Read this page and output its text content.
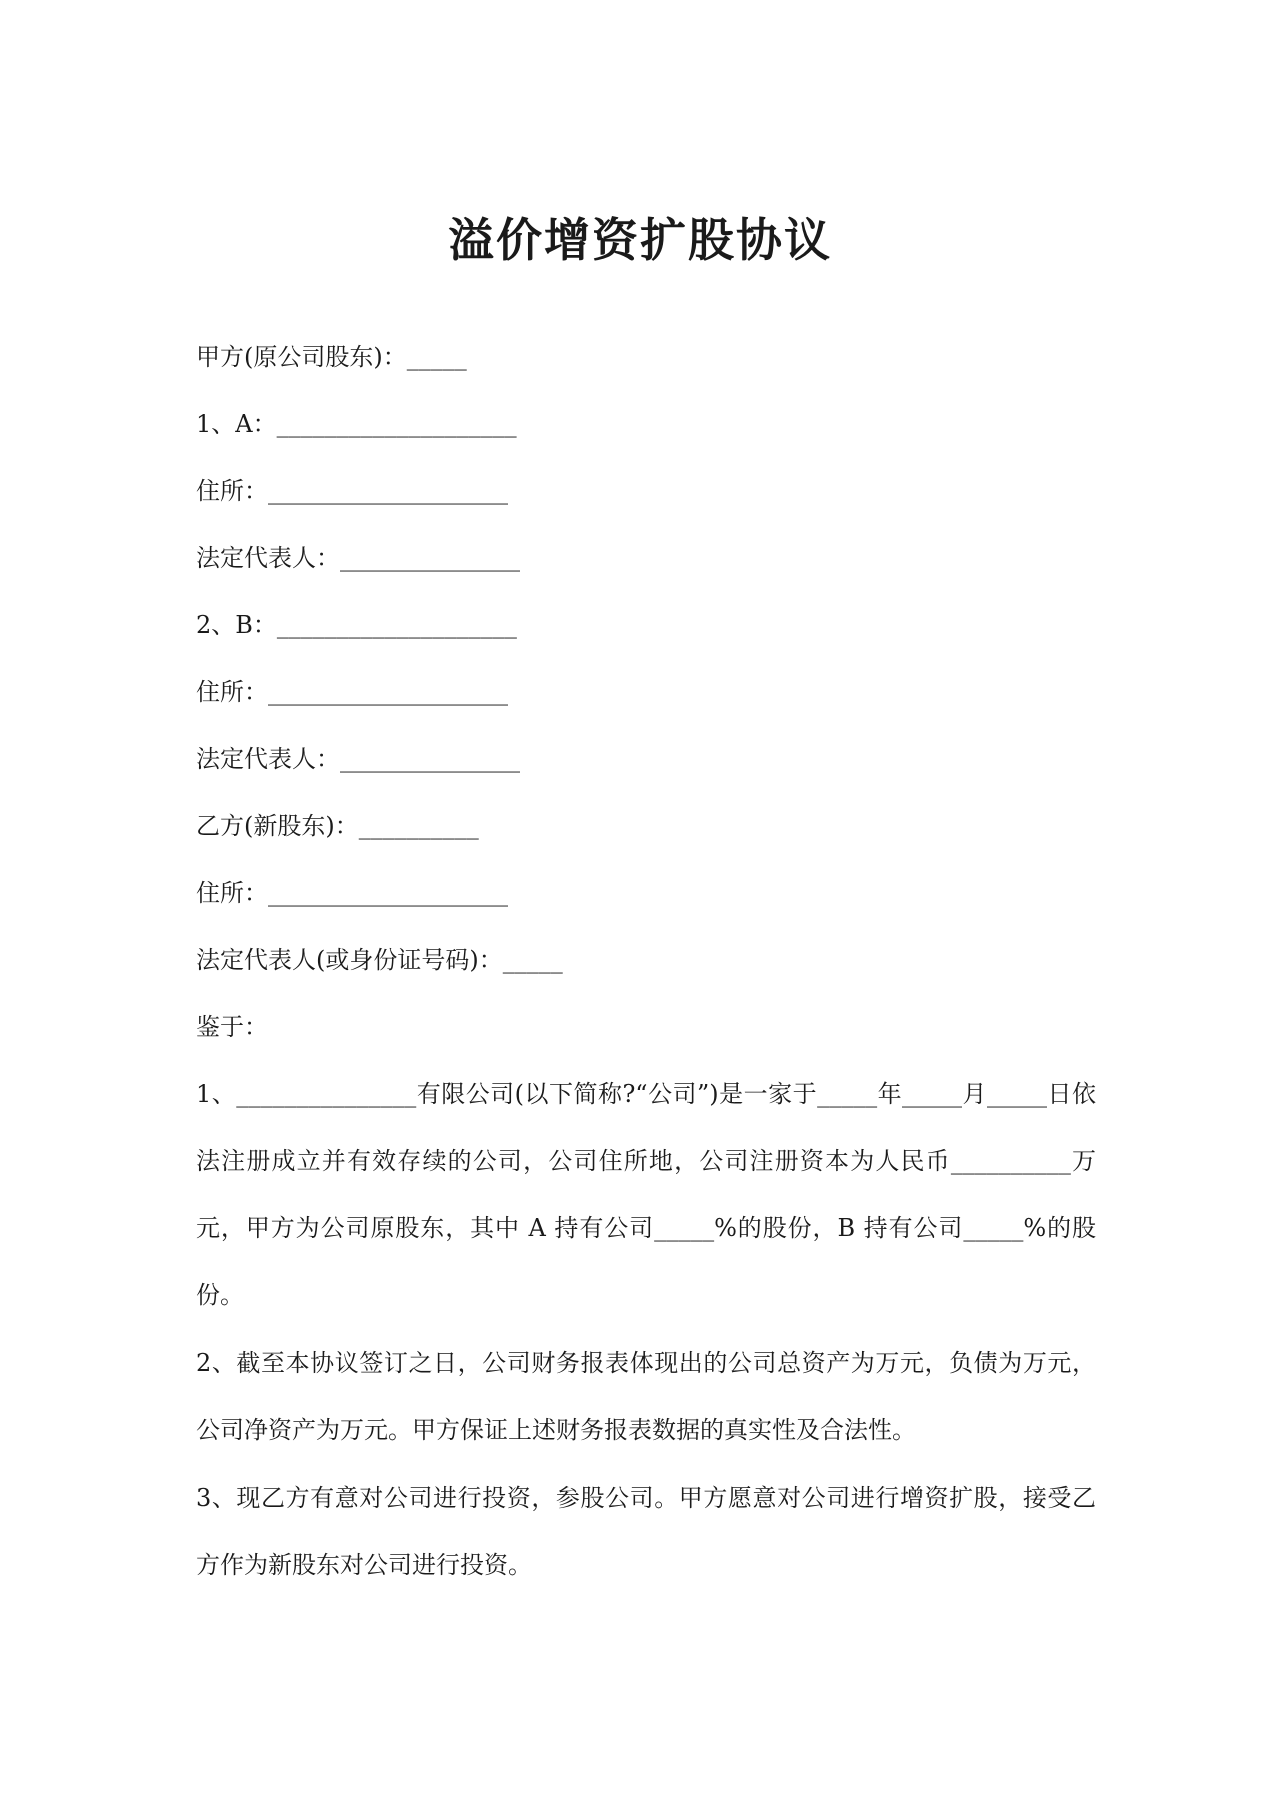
溢价增资扩股协议
甲方(原公司股东)：_____
1、A：____________________
住所：____________________
法定代表人：_______________
2、B：____________________
住所：____________________
法定代表人：_______________
乙方(新股东)：__________
住所：____________________
法定代表人(或身份证号码)：_____
鉴于：
1、_______________有限公司(以下简称?“公司”)是一家于_____年_____月_____日依法注册成立并有效存续的公司，公司住所地，公司注册资本为人民币__________万元，甲方为公司原股东，其中 A 持有公司_____%的股份，B 持有公司_____%的股份。
2、截至本协议签订之日，公司财务报表体现出的公司总资产为万元，负债为万元，公司净资产为万元。甲方保证上述财务报表数据的真实性及合法性。
3、现乙方有意对公司进行投资，参股公司。甲方愿意对公司进行增资扩股，接受乙方作为新股东对公司进行投资。
